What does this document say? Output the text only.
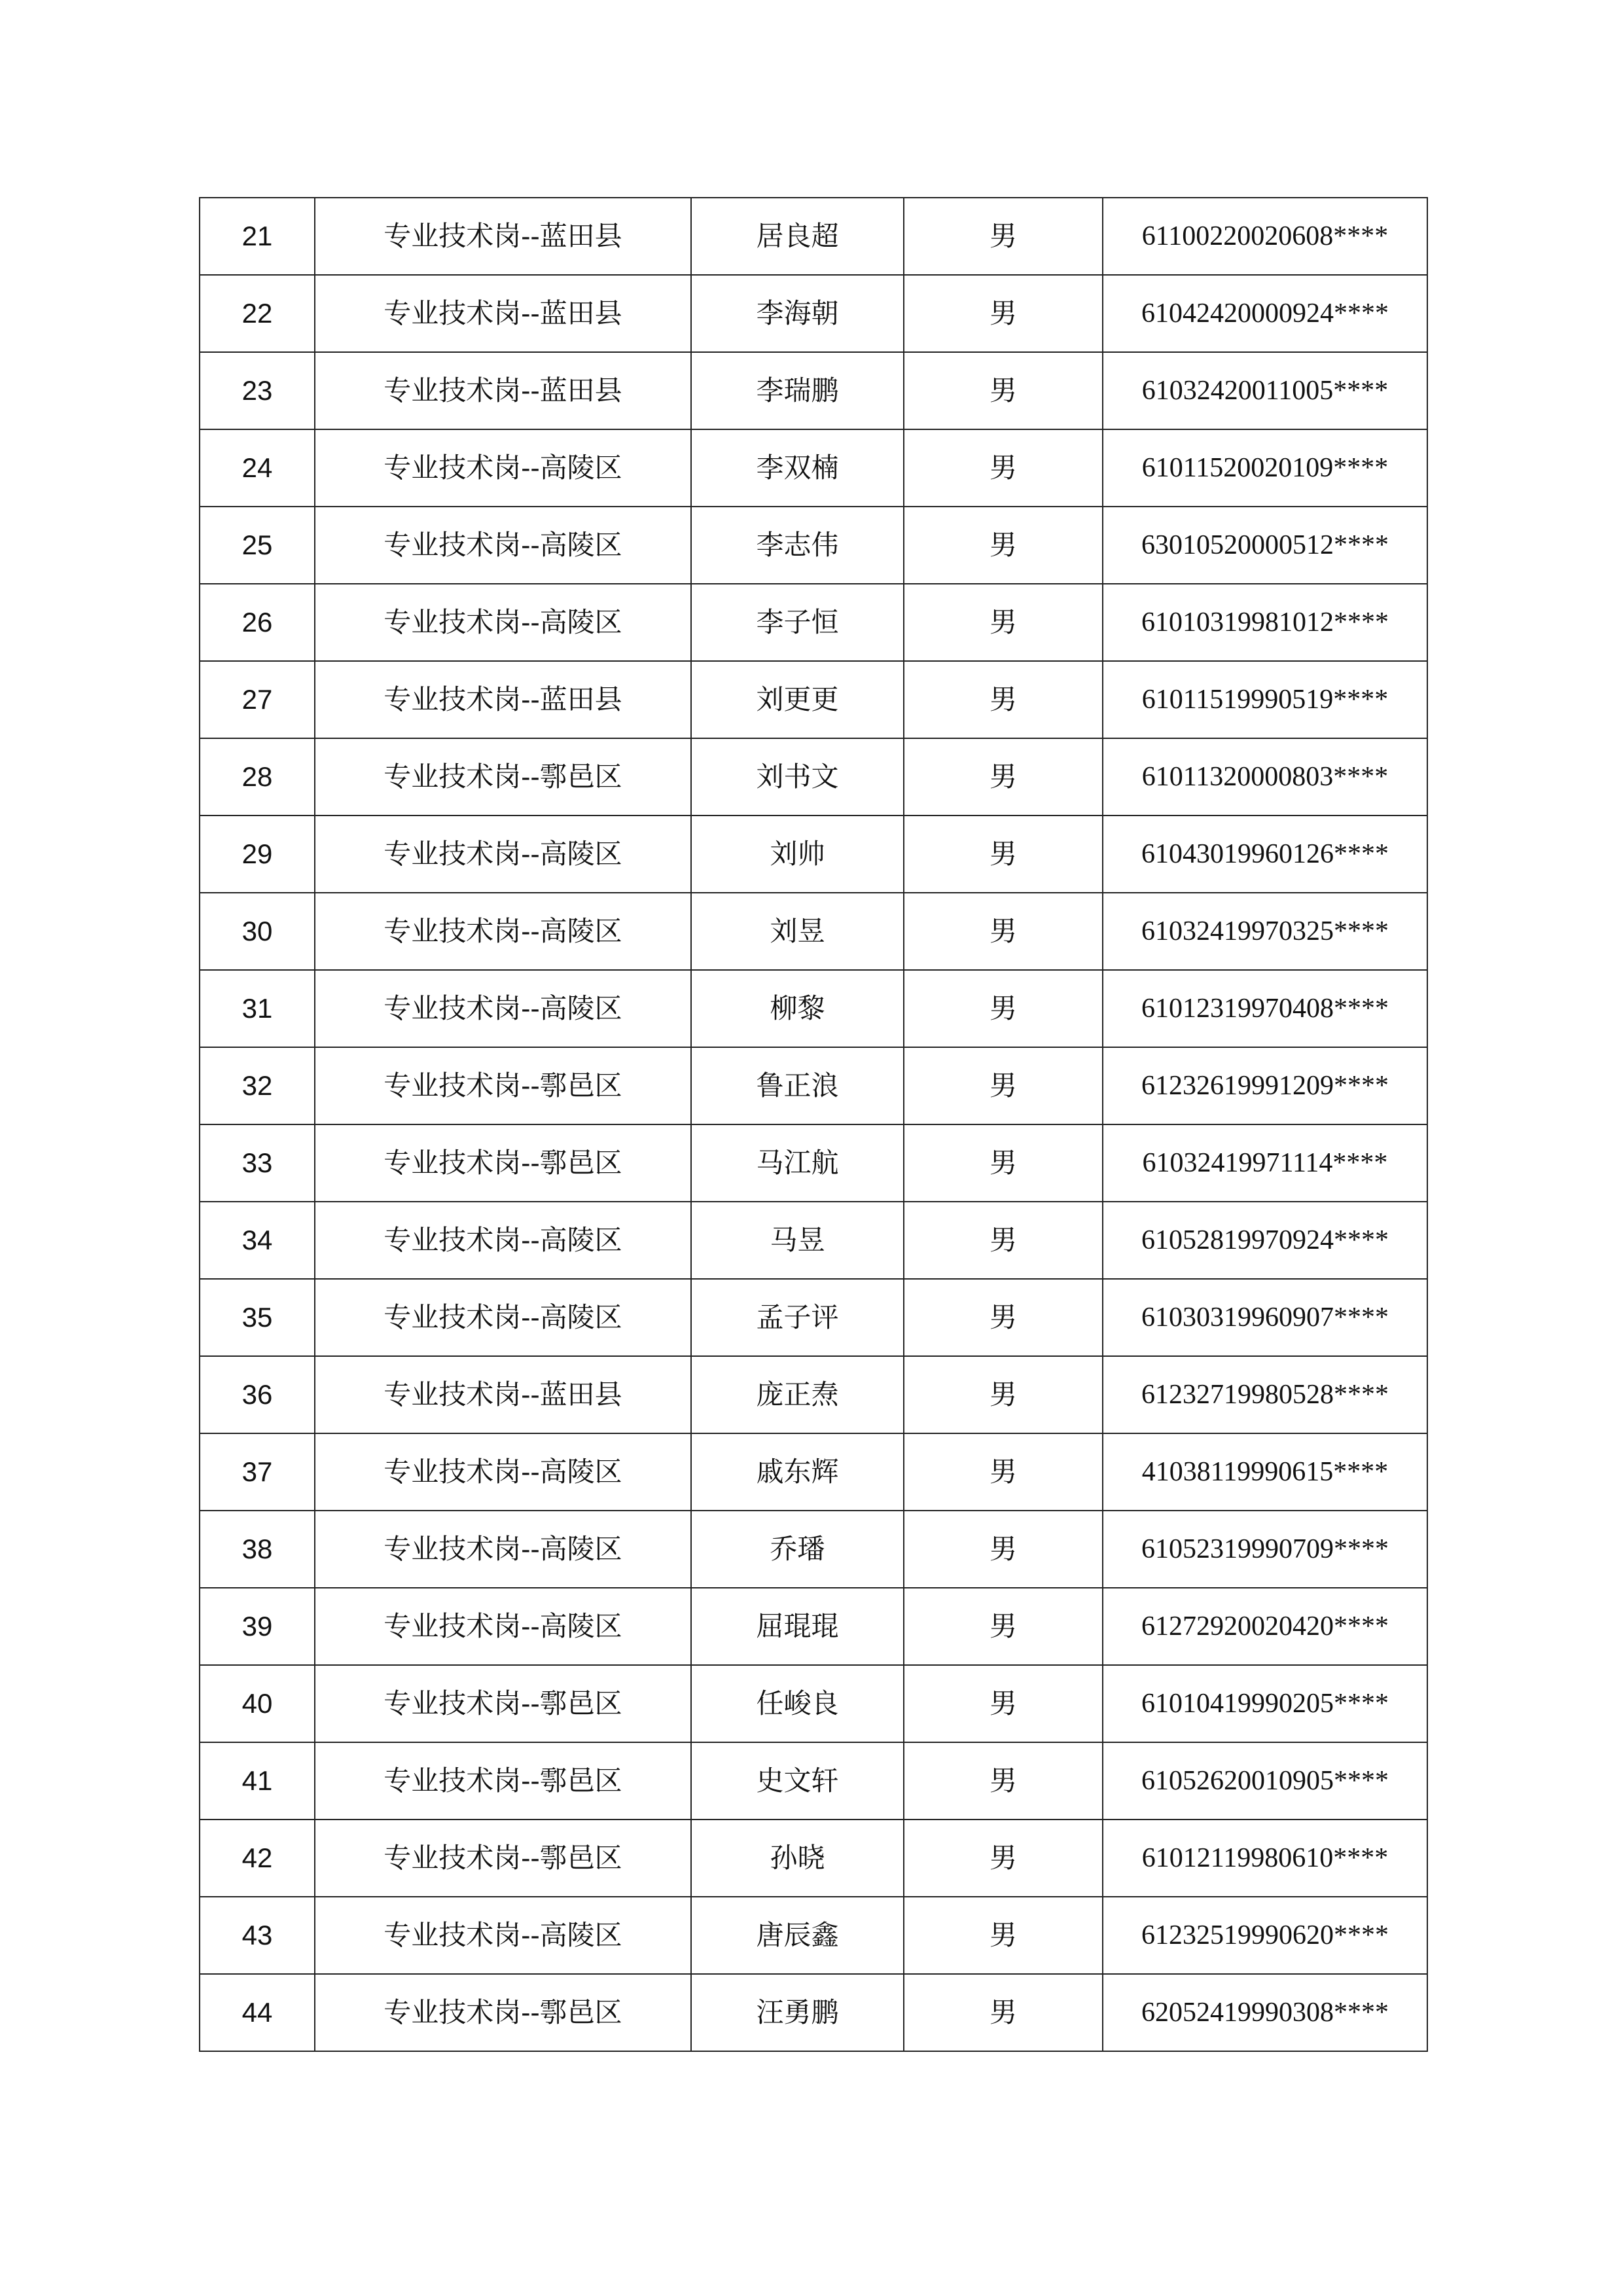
21	专业技术岗--蓝田县	居良超	男	61100220020608****
22	专业技术岗--蓝田县	李海朝	男	61042420000924****
23	专业技术岗--蓝田县	李瑞鹏	男	61032420011005****
24	专业技术岗--高陵区	李双楠	男	61011520020109****
25	专业技术岗--高陵区	李志伟	男	63010520000512****
26	专业技术岗--高陵区	李子恒	男	61010319981012****
27	专业技术岗--蓝田县	刘更更	男	61011519990519****
28	专业技术岗--鄠邑区	刘书文	男	61011320000803****
29	专业技术岗--高陵区	刘帅	男	61043019960126****
30	专业技术岗--高陵区	刘昱	男	61032419970325****
31	专业技术岗--高陵区	柳黎	男	61012319970408****
32	专业技术岗--鄠邑区	鲁正浪	男	61232619991209****
33	专业技术岗--鄠邑区	马江航	男	61032419971114****
34	专业技术岗--高陵区	马昱	男	61052819970924****
35	专业技术岗--高陵区	孟子评	男	61030319960907****
36	专业技术岗--蓝田县	庞正焘	男	61232719980528****
37	专业技术岗--高陵区	戚东辉	男	41038119990615****
38	专业技术岗--高陵区	乔璠	男	61052319990709****
39	专业技术岗--高陵区	屈琨琨	男	61272920020420****
40	专业技术岗--鄠邑区	任峻良	男	61010419990205****
41	专业技术岗--鄠邑区	史文轩	男	61052620010905****
42	专业技术岗--鄠邑区	孙晓	男	61012119980610****
43	专业技术岗--高陵区	唐辰鑫	男	61232519990620****
44	专业技术岗--鄠邑区	汪勇鹏	男	62052419990308****
